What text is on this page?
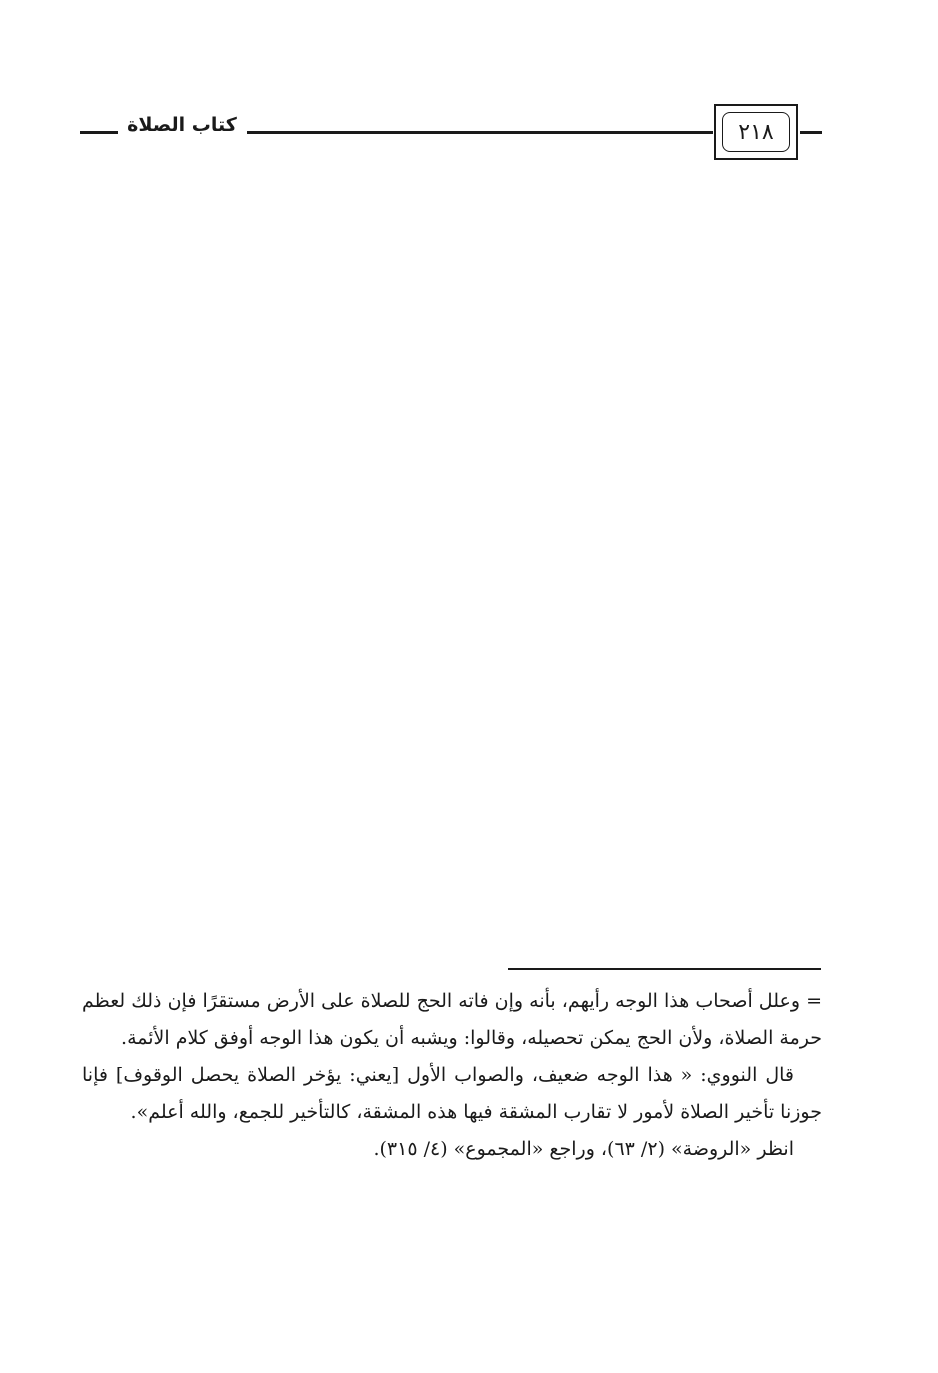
كتاب الصلاة	٢١٨

= وعلل أصحاب هذا الوجه رأيهم، بأنه وإن فاته الحج للصلاة على الأرض مستقرًا فإن ذلك لعظم حرمة الصلاة، ولأن الحج يمكن تحصيله، وقالوا: ويشبه أن يكون هذا الوجه أوفق كلام الأئمة.

قال النووي: « هذا الوجه ضعيف، والصواب الأول [يعني: يؤخر الصلاة يحصل الوقوف] فإنا جوزنا تأخير الصلاة لأمور لا تقارب المشقة فيها هذه المشقة، كالتأخير للجمع، والله أعلم».

انظر «الروضة» (٢/ ٦٣)، وراجع «المجموع» (٤/ ٣١٥).
